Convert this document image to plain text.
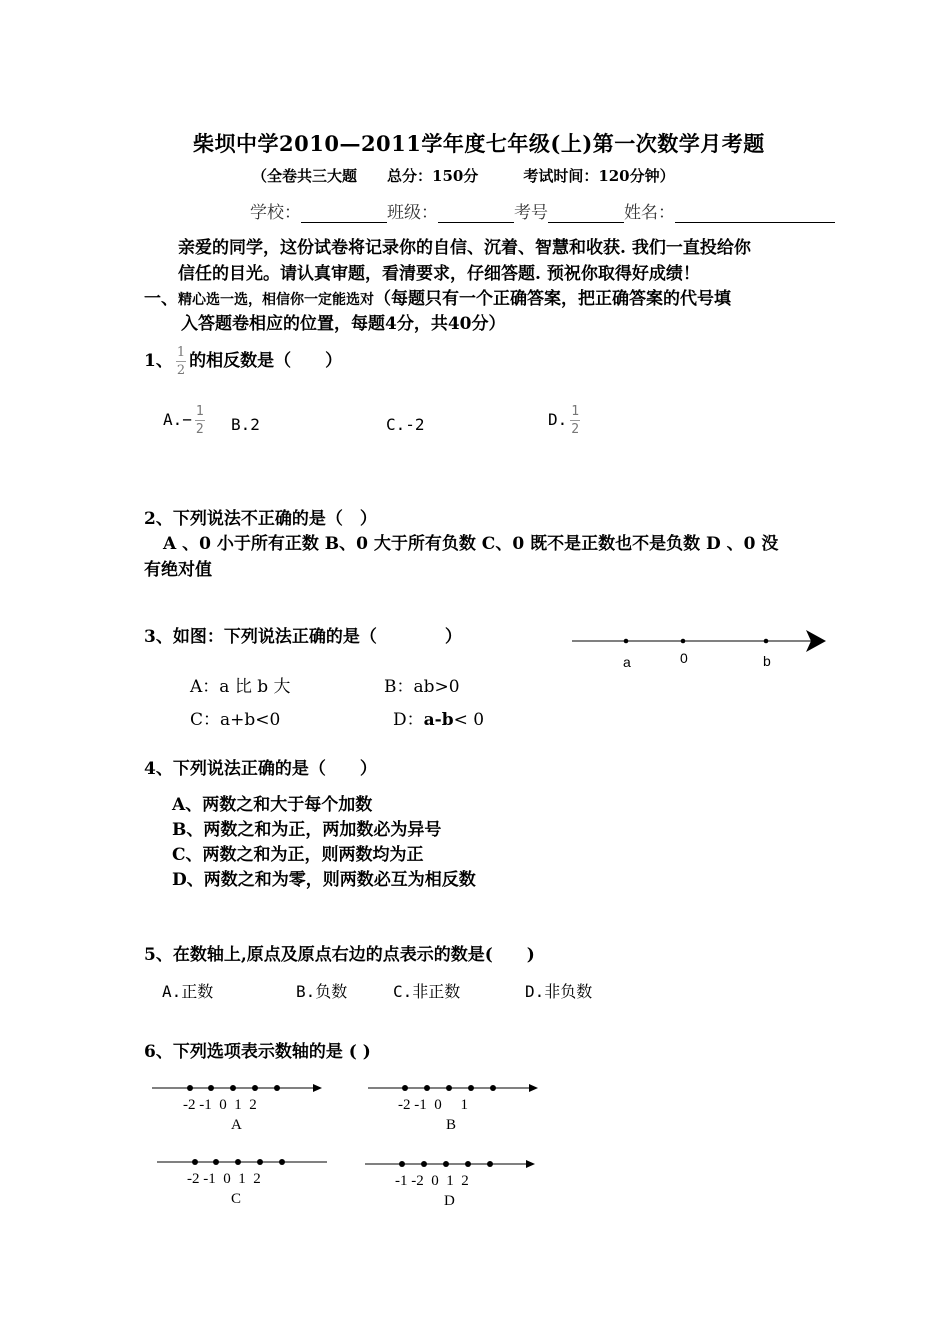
柴坝中学2010—2011学年度七年级(上)第一次数学月考题
（全卷共三大题　　总分：150分　　　考试时间：120分钟）
学校：	班级：	考号	姓名：
亲爱的同学，这份试卷将记录你的自信、沉着、智慧和收获. 我们一直投给你
信任的目光。请认真审题，看清要求，仔细答题. 预祝你取得好成绩！
一、精心选一选，相信你一定能选对（每题只有一个正确答案，把正确答案的代号填
入答题卷相应的位置，每题4分，共40分）
1、 $\frac{1}{2}$ 的相反数是（　　）
$A.- \frac{1}{2} B.2$	C.-2	D. $\frac{1}{2}$
2、下列说法不正确的是（　）
A 、0 小于所有正数 B、0 大于所有负数 C、0 既不是正数也不是负数 D 、0 没
有绝对值
3、如图：下列说法正确的是（　　　　）
a	0	b
A：a 比 b 大	B：ab>0
C：a+b<0	D：a-b< 0
4、下列说法正确的是（　　）
A、两数之和大于每个加数
B、两数之和为正，两加数必为异号
C、两数之和为正，则两数均为正
D、两数之和为零，则两数必互为相反数
5、在数轴上,原点及原点右边的点表示的数是(　　)
A.正数	B.负数	C.非正数	D.非负数
6、下列选项表示数轴的是 ( )
-2 -1  0  1  2
A
-2 -1  0     1
B
-2 -1  0  1  2
C
-1 -2  0  1  2
D
